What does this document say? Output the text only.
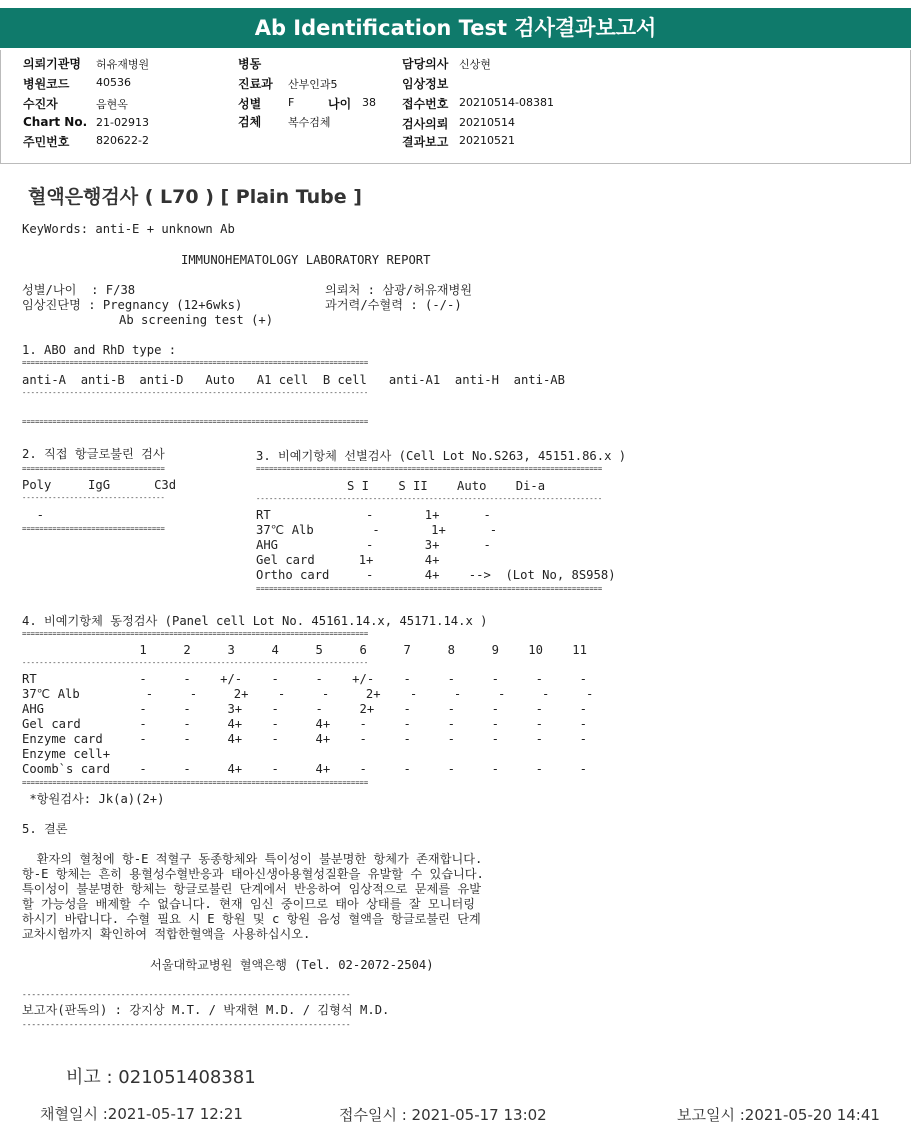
Ab Identification Test 검사결과보고서
의뢰기관명 허유재병원
병원코드 40536
수진자	음현옥
Chart No. 21-02913
주민번호 820622-2
병동
진료과 산부인과5
성별 F	나이 38
검체 복수검체
담당의사 신상현
임상정보
접수번호 20210514-08381
검사의뢰 20210514
결과보고 20210521
혈액은행검사 ( L70 ) [ Plain Tube ]
KeyWords: anti-E + unknown Ab
IMMUNOHEMATOLOGY LABORATORY REPORT
성별/나이  : F/38	의뢰처 : 삼광/허유재병원
임상진단명 : Pregnancy (12+6wks)	과거력/수혈력 : (-/-)
Ab screening test (+)
1. ABO and RhD type :
================================================================================
anti-A  anti-B  anti-D   Auto   A1 cell  B cell   anti-A1  anti-H  anti-AB
--------------------------------------------------------------------------------
================================================================================
2. 직접 항글로불린 검사	3. 비예기항체 선별검사 (Cell Lot No.S263, 45151.86.x )
=================================	================================================================================
Poly     IgG      C3d	S I    S II    Auto    Di-a
---------------------------------	--------------------------------------------------------------------------------
-
=================================
RT             -       1+      -
37℃ Alb        -       1+      -
AHG            -       3+      -
Gel card      1+       4+
Ortho card     -       4+    -->  (Lot No, 8S958)
================================================================================
4. 비예기항체 동정검사 (Panel cell Lot No. 45161.14.x, 45171.14.x )
================================================================================
1     2     3     4     5     6     7     8     9    10    11
--------------------------------------------------------------------------------
RT              -     -    +/-    -     -    +/-    -     -     -     -     -
37℃ Alb         -     -     2+    -     -     2+    -     -     -     -     -
AHG             -     -     3+    -     -     2+    -     -     -     -     -
Gel card        -     -     4+    -     4+    -     -     -     -     -     -
Enzyme card     -     -     4+    -     4+    -     -     -     -     -     -
Enzyme cell+
Coomb`s card    -     -     4+    -     4+    -     -     -     -     -     -
================================================================================
*항원검사: Jk(a)(2+)
5. 결론
환자의 혈청에 항-E 적혈구 동종항체와 특이성이 불분명한 항체가 존재합니다.
항-E 항체는 흔히 용혈성수혈반응과 태아신생아용혈성질환을 유발할 수 있습니다.
특이성이 불분명한 항체는 항글로불린 단계에서 반응하여 임상적으로 문제를 유발
할 가능성을 배제할 수 없습니다. 현재 임신 중이므로 태아 상태를 잘 모니터링
하시기 바랍니다. 수혈 필요 시 E 항원 및 c 항원 음성 혈액을 항글로불린 단계
교차시험까지 확인하여 적합한혈액을 사용하십시오.
서울대학교병원 혈액은행 (Tel. 02-2072-2504)
----------------------------------------------------------------------
보고자(판독의) : 강지상 M.T. / 박재현 M.D. / 김형석 M.D.
----------------------------------------------------------------------
비고 : 021051408381
채혈일시 :2021-05-17 12:21	접수일시 : 2021-05-17 13:02	보고일시 :2021-05-20 14:41
